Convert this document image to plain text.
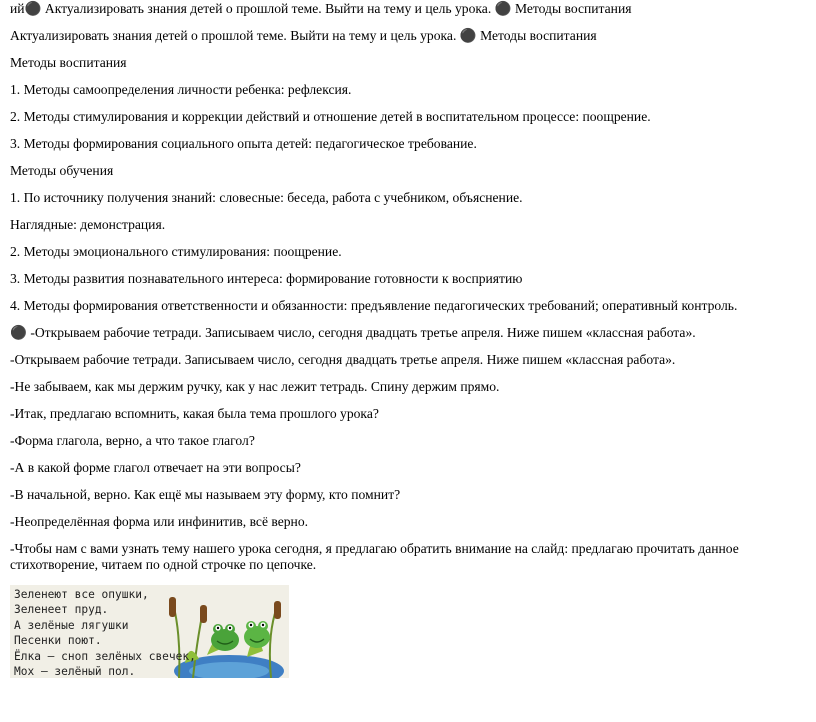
ий⚫ Актуализировать знания детей о прошлой теме. Выйти на тему и цель урока. ⚫ Методы воспитания
Актуализировать знания детей о прошлой теме. Выйти на тему и цель урока. ⚫ Методы воспитания
Методы воспитания
1. Методы самоопределения личности ребенка: рефлексия.
2. Методы стимулирования и коррекции действий и отношение детей в воспитательном процессе: поощрение.
3. Методы формирования социального опыта детей: педагогическое требование.
Методы обучения
1. По источнику получения знаний: словесные: беседа, работа с учебником, объяснение.
Наглядные: демонстрация.
2. Методы эмоционального стимулирования: поощрение.
3. Методы развития познавательного интереса: формирование готовности к восприятию
4. Методы формирования ответственности и обязанности: предъявление педагогических требований; оперативный контроль.
⚫ -Открываем рабочие тетради. Записываем число, сегодня двадцать третье апреля. Ниже пишем «классная работа».
-Открываем рабочие тетради. Записываем число, сегодня двадцать третье апреля. Ниже пишем «классная работа».
-Не забываем, как мы держим ручку, как у нас лежит тетрадь. Спину держим прямо.
-Итак, предлагаю вспомнить, какая была тема прошлого урока?
-Форма глагола, верно, а что такое глагол?
-А в какой форме глагол отвечает на эти вопросы?
-В начальной, верно. Как ещё мы называем эту форму, кто помнит?
-Неопределённая форма или инфинитив, всё верно.
-Чтобы нам с вами узнать тему нашего урока сегодня, я предлагаю обратить внимание на слайд: предлагаю прочитать данное стихотворение, читаем по одной строчке по цепочке.
Зеленеют все опушки,
Зеленеет пруд.
А зелёные лягушки
Песенки поют.
Ёлка — сноп зелёных свечек,
Мох — зелёный пол.
